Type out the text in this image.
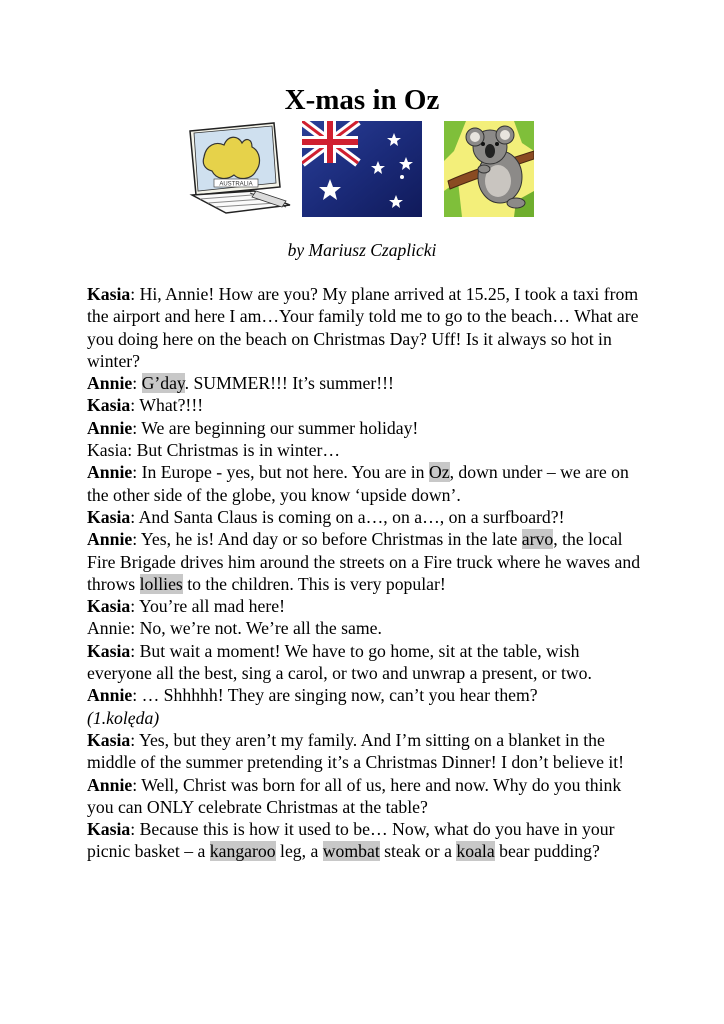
X-mas in Oz
AUSTRALIA
by Mariusz Czaplicki

Kasia: Hi, Annie! How are you? My plane arrived at 15.25, I took a taxi from the airport and here I am…Your family told me to go to the beach… What are you doing here on the beach on Christmas Day? Uff! Is it always so hot in winter?

Annie: G’day. SUMMER!!! It’s summer!!!

Kasia: What?!!!

Annie: We are beginning our summer holiday!

Kasia: But Christmas is in winter…

Annie: In Europe - yes, but not here. You are in Oz, down under – we are on the other side of the globe, you know ‘upside down’.

Kasia: And Santa Claus is coming on a…, on a…, on a surfboard?!

Annie: Yes, he is! And day or so before Christmas in the late arvo, the local Fire Brigade drives him around the streets on a Fire truck where he waves and throws lollies to the children. This is very popular!

Kasia: You’re all mad here!

Annie: No, we’re not. We’re all the same.

Kasia: But wait a moment! We have to go home, sit at the table, wish everyone all the best, sing a carol, or two and unwrap a present, or two.

Annie: … Shhhhh! They are singing now, can’t you hear them?

(1.kolęda)

Kasia: Yes, but they aren’t my family. And I’m sitting on a blanket in the middle of the summer pretending it’s a Christmas Dinner! I don’t believe it!

Annie: Well, Christ was born for all of us, here and now. Why do you think you can ONLY celebrate Christmas at the table?

Kasia: Because this is how it used to be… Now, what do you have in your picnic basket – a kangaroo leg, a wombat steak or a koala bear pudding?
